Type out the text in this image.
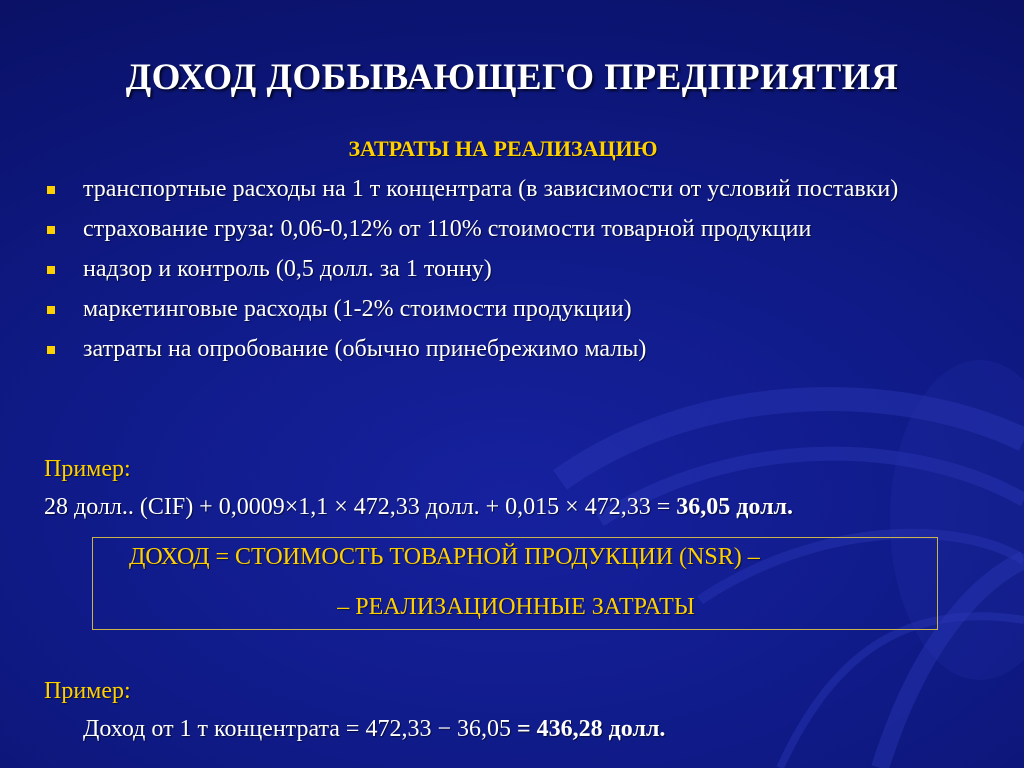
ДОХОД ДОБЫВАЮЩЕГО ПРЕДПРИЯТИЯ
ЗАТРАТЫ НА РЕАЛИЗАЦИЮ
транспортные расходы на 1 т концентрата (в зависимости от условий поставки)
страхование груза: 0,06-0,12% от 110% стоимости товарной продукции
надзор и контроль (0,5 долл. за 1 тонну)
маркетинговые расходы (1-2% стоимости продукции)
затраты на опробование (обычно принебрежимо малы)
Пример:
28 долл.. (CIF) + 0,0009×1,1 × 472,33 долл. + 0,015 × 472,33 = 36,05 долл.
ДОХОД = СТОИМОСТЬ ТОВАРНОЙ ПРОДУКЦИИ (NSR) –
– РЕАЛИЗАЦИОННЫЕ ЗАТРАТЫ
Пример:
Доход от 1 т концентрата = 472,33 − 36,05 = 436,28 долл.
